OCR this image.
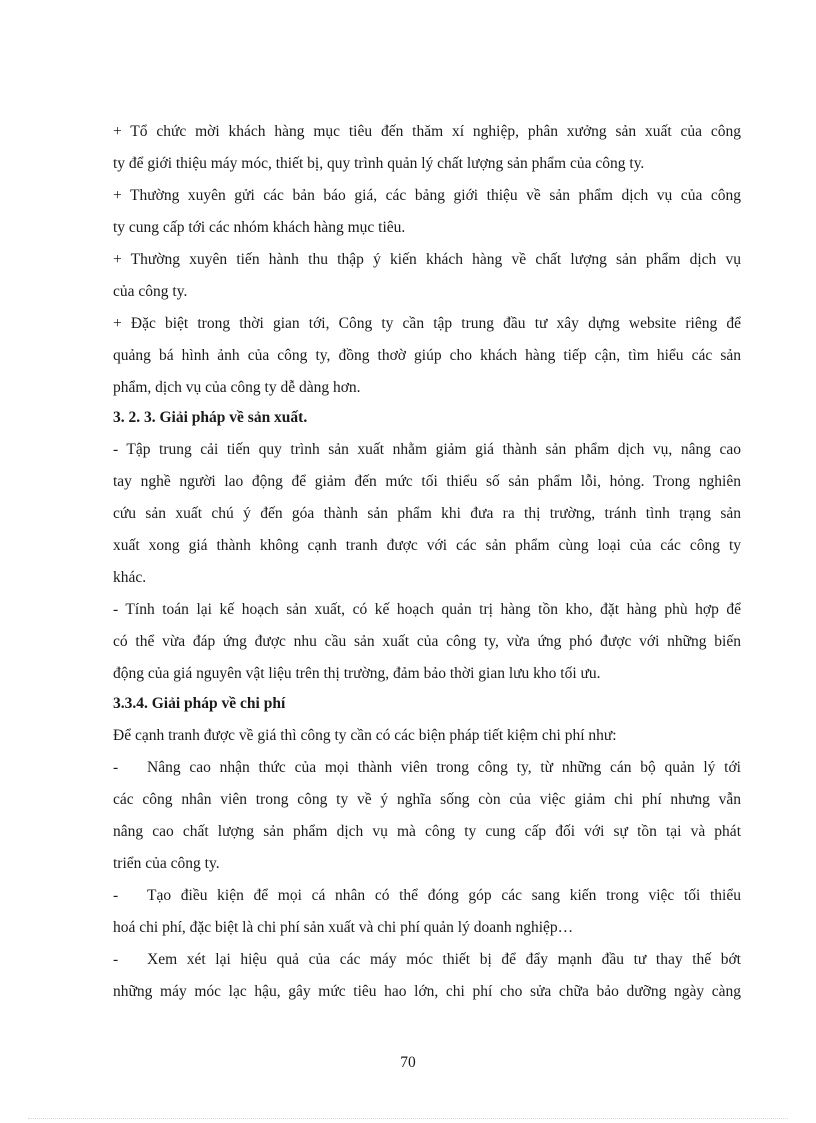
+ Tổ chức mời khách hàng mục tiêu đến thăm xí nghiệp, phân xưởng sản xuất của công
ty để giới thiệu máy móc, thiết bị, quy trình quản lý chất lượng sản phẩm của công ty.
+ Thường xuyên gửi các bản báo giá, các bảng giới thiệu về sản phẩm dịch vụ của công
ty cung cấp tới các nhóm khách hàng mục tiêu.
+ Thường xuyên tiến hành thu thập ý kiến khách hàng về chất lượng sản phẩm dịch vụ
của công ty.
+ Đặc biệt trong thời gian tới, Công ty cần tập trung đầu tư xây dựng website riêng để
quảng bá hình ảnh của công ty, đồng thơờ giúp cho khách hàng tiếp cận, tìm hiểu các sản
phẩm, dịch vụ của công ty dễ dàng hơn.
3. 2. 3. Giải pháp về sản xuất.
- Tập trung cải tiến quy trình sản xuất nhằm giảm giá thành sản phẩm dịch vụ, nâng cao
tay nghề người lao động để giảm đến mức tối thiểu số sản phẩm lỗi, hỏng. Trong nghiên
cứu sản xuất chú ý đến góa thành sản phẩm khi đưa ra thị trường, tránh tình trạng sản
xuất xong giá thành không cạnh tranh được với các sản phẩm cùng loại của các công ty
khác.
- Tính toán lại kế hoạch sản xuất, có kế hoạch quản trị hàng tồn kho, đặt hàng phù hợp để
có thể vừa đáp ứng được nhu cầu sản xuất của công ty, vừa ứng phó được với những biến
động của giá nguyên vật liệu trên thị trường, đảm bảo thời gian lưu kho tối ưu.
3.3.4. Giải pháp về chi phí
Để cạnh tranh được về giá thì công ty cần có các biện pháp tiết kiệm chi phí như:
- Nâng cao nhận thức của mọi thành viên trong công ty, từ những cán bộ quản lý tới
các công nhân viên trong công ty về ý nghĩa sống còn của việc giảm chi phí nhưng vẫn
nâng cao chất lượng sản phẩm dịch vụ mà công ty cung cấp đối với sự tồn tại và phát
triển của công ty.
-Tạo điều kiện để mọi cá nhân có thể đóng góp các sang kiến trong việc tối thiểu
hoá chi phí, đặc biệt là chi phí sản xuất và chi phí quản lý doanh nghiệp…
- Xem xét lại hiệu quả của các máy móc thiết bị để đẩy mạnh đầu tư thay thế bớt
những máy móc lạc hậu, gây mức tiêu hao lớn, chi phí cho sửa chữa bảo dưỡng ngày càng
70
